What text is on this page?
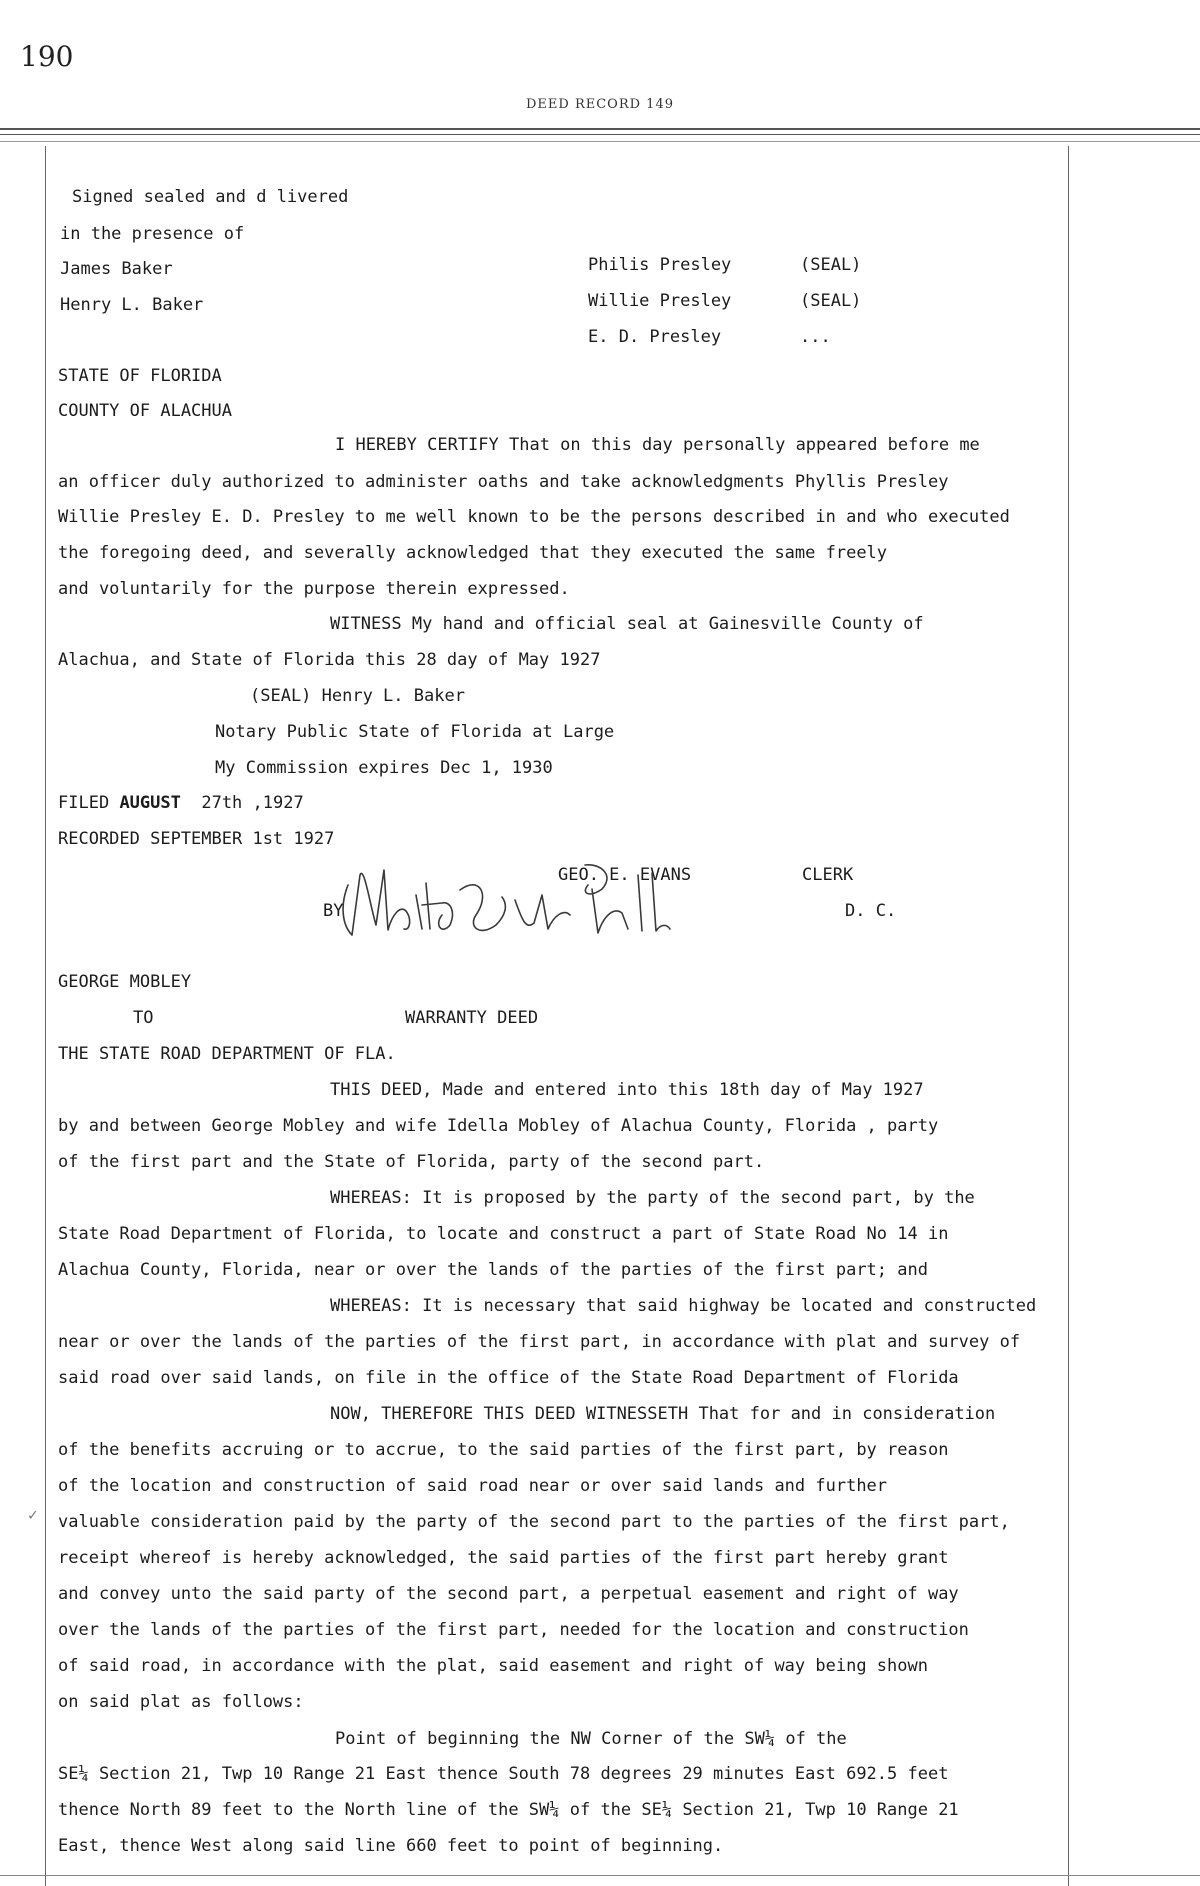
190
DEED RECORD 149
Signed sealed and d livered
in the presence of
James Baker
Henry L. Baker
Philis Presley	(SEAL)
Willie Presley	(SEAL)
E. D. Presley	...
STATE OF FLORIDA
COUNTY OF ALACHUA
I HEREBY CERTIFY That on this day personally appeared before me
an officer duly authorized to administer oaths and take acknowledgments Phyllis Presley
Willie Presley E. D. Presley to me well known to be the persons described in and who executed
the foregoing deed, and severally acknowledged that they executed the same freely
and voluntarily for the purpose therein expressed.
WITNESS My hand and official seal at Gainesville County of
Alachua, and State of Florida this 28 day of May 1927
(SEAL) Henry L. Baker
Notary Public State of Florida at Large
My Commission expires Dec 1, 1930
FILED AUGUST 27th ,1927
RECORDED SEPTEMBER 1st 1927
GEO. E. EVANS	CLERK
BY	D. C.
GEORGE MOBLEY
TO	WARRANTY DEED
THE STATE ROAD DEPARTMENT OF FLA.
THIS DEED, Made and entered into this 18th day of May 1927
by and between George Mobley and wife Idella Mobley of Alachua County, Florida , party
of the first part and the State of Florida, party of the second part.
WHEREAS: It is proposed by the party of the second part, by the
State Road Department of Florida, to locate and construct a part of State Road No 14 in
Alachua County, Florida, near or over the lands of the parties of the first part; and
WHEREAS: It is necessary that said highway be located and constructed
near or over the lands of the parties of the first part, in accordance with plat and survey of
said road over said lands, on file in the office of the State Road Department of Florida
NOW, THEREFORE THIS DEED WITNESSETH That for and in consideration
of the benefits accruing or to accrue, to the said parties of the first part, by reason
of the location and construction of said road near or over said lands and further
valuable consideration paid by the party of the second part to the parties of the first part,
receipt whereof is hereby acknowledged, the said parties of the first part hereby grant
and convey unto the said party of the second part, a perpetual easement and right of way
over the lands of the parties of the first part, needed for the location and construction
of said road, in accordance with the plat, said easement and right of way being shown
on said plat as follows:
Point of beginning the NW Corner of the SW¼ of the
SE¼ Section 21, Twp 10 Range 21 East thence South 78 degrees 29 minutes East 692.5 feet
thence North 89 feet to the North line of the SW¼ of the SE¼ Section 21, Twp 10 Range 21
East, thence West along said line 660 feet to point of beginning.
✓
